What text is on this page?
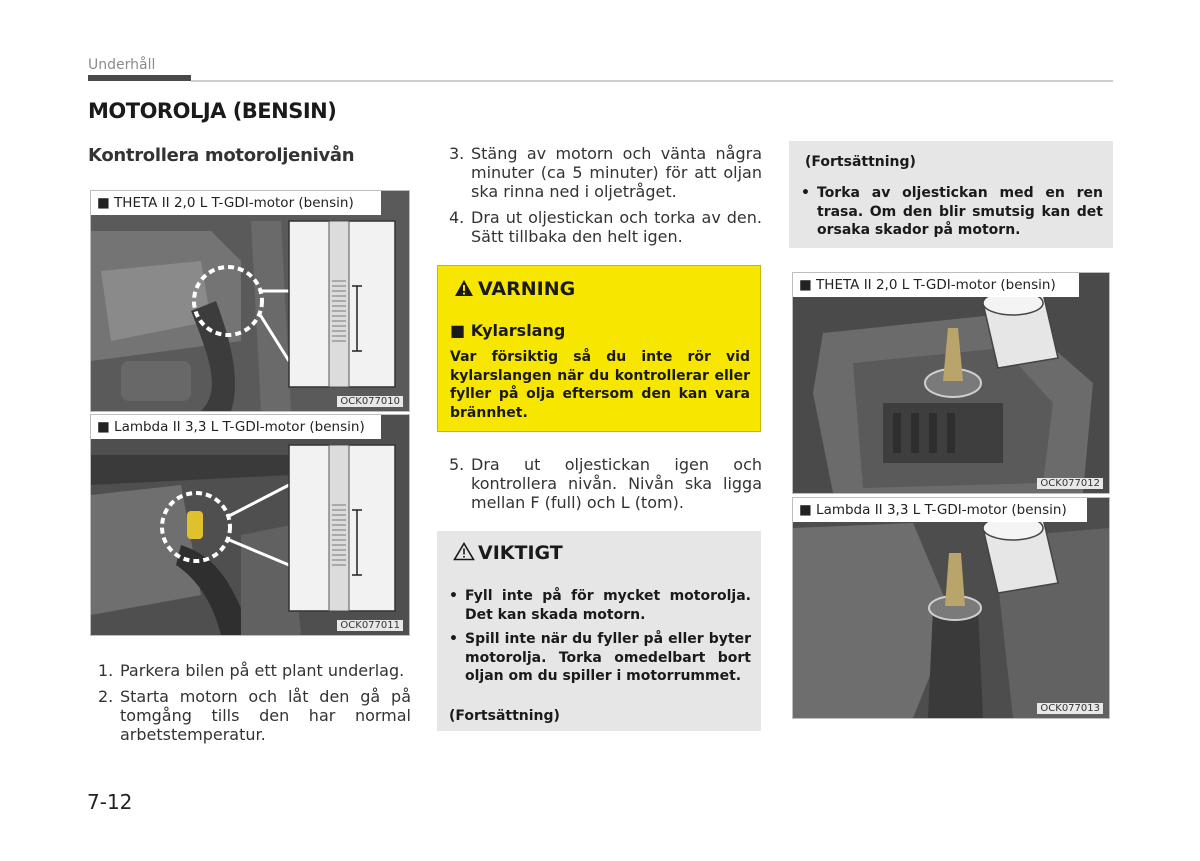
Underhåll
MOTOROLJA (BENSIN)
Kontrollera motoroljenivån
■ THETA II 2,0 L T-GDI-motor (bensin)
OCK077010
■ Lambda II 3,3 L T-GDI-motor (bensin)
OCK077011
1. Parkera bilen på ett plant underlag.
2. Starta motorn och låt den gå på tomgång tills den har normal arbetstemperatur.
3. Stäng av motorn och vänta några minuter (ca 5 minuter) för att oljan ska rinna ned i oljetråget.
4. Dra ut oljestickan och torka av den. Sätt tillbaka den helt igen.
VARNING
■ Kylarslang
Var försiktig så du inte rör vid kylarslangen när du kontrollerar eller fyller på olja eftersom den kan vara brännhet.
5. Dra ut oljestickan igen och kontrollera nivån. Nivån ska ligga mellan F (full) och L (tom).
VIKTIGT
• Fyll inte på för mycket motorolja. Det kan skada motorn.
• Spill inte när du fyller på eller byter motorolja. Torka omedelbart bort oljan om du spiller i motorrummet.
(Fortsättning)
(Fortsättning)
• Torka av oljestickan med en ren trasa. Om den blir smutsig kan det orsaka skador på motorn.
■ THETA II 2,0 L T-GDI-motor (bensin)
OCK077012
■ Lambda II 3,3 L T-GDI-motor (bensin)
OCK077013
7-12
